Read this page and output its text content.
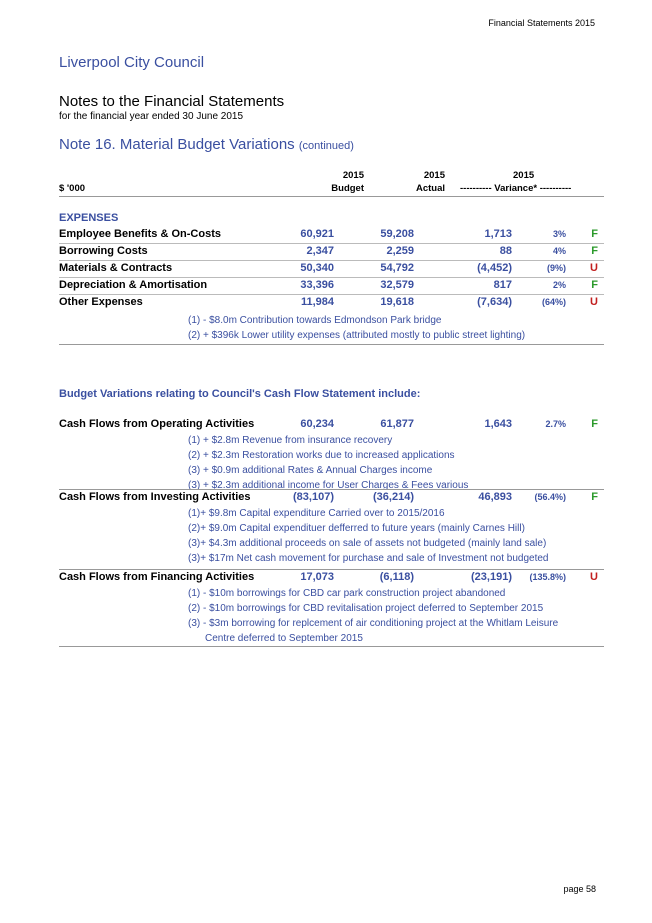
Financial Statements 2015
Liverpool City Council
Notes to the Financial Statements
for the financial year ended 30 June 2015
Note 16. Material Budget Variations (continued)
$ '000
2015
Budget
2015
Actual
2015
---------- Variance* ----------
EXPENSES
Employee Benefits & On-Costs	60,921	59,208	1,713	3% F
Borrowing Costs	2,347	2,259	88	4% F
Materials & Contracts	50,340	54,792	(4,452)	(9%) U
Depreciation & Amortisation	33,396	32,579	817	2% F
Other Expenses	11,984	19,618	(7,634)	(64%) U
(1) - $8.0m Contribution towards Edmondson Park bridge
(2) + $396k Lower utility expenses (attributed mostly to public street lighting)
Budget Variations relating to Council's Cash Flow Statement include:
Cash Flows from Operating Activities	60,234	61,877	1,643	2.7% F
(1) + $2.8m Revenue from insurance recovery
(2) + $2.3m Restoration works due to increased applications
(3) + $0.9m additional Rates & Annual Charges income
(3) + $2.3m additional income for User Charges & Fees various
Cash Flows from Investing Activities	(83,107)	(36,214)	46,893 (56.4%) F
(1)+ $9.8m Capital expenditure Carried over to 2015/2016
(2)+ $9.0m Capital expendituer defferred to future years (mainly Carnes Hill)
(3)+ $4.3m additional proceeds on sale of assets not budgeted (mainly land sale)
(3)+ $17m Net cash movement for purchase and sale of Investment not budgeted
Cash Flows from Financing Activities	17,073	(6,118)	(23,191) (135.8%) U
(1) - $10m borrowings for CBD car park construction project abandoned
(2) - $10m borrowings for CBD revitalisation project deferred to September 2015
(3) - $3m borrowing for replcement of air conditioning project at the Whitlam Leisure
Centre deferred to September 2015
page 58
